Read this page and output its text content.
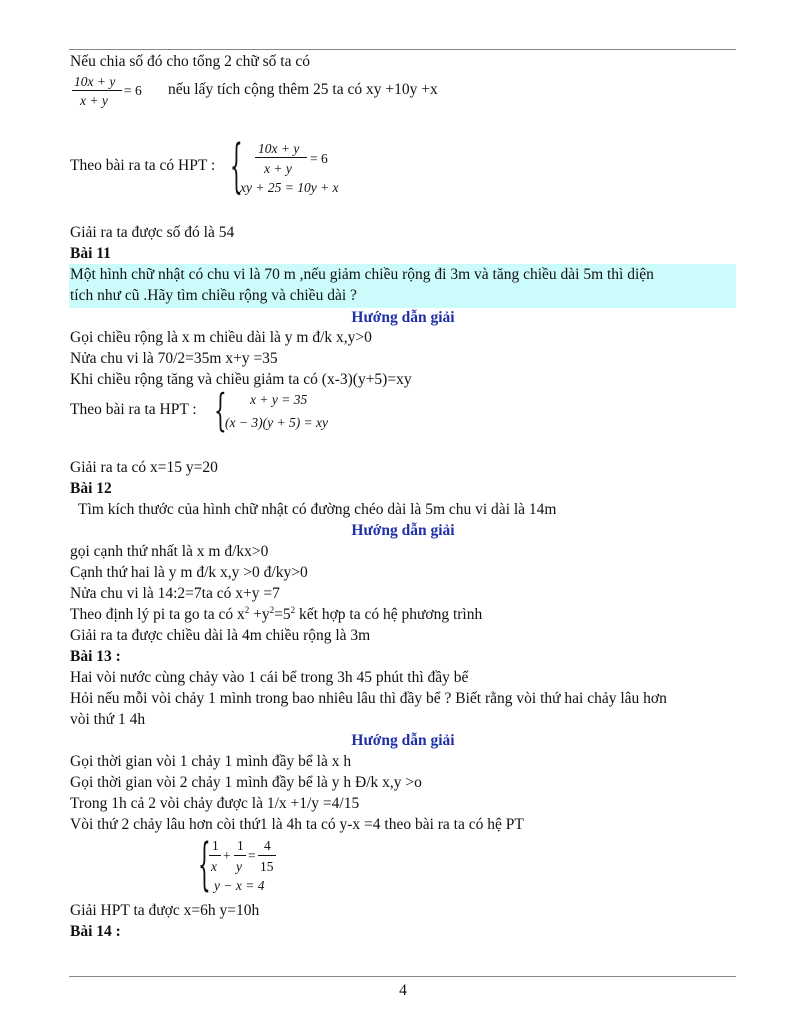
Nếu chia số đó cho tổng 2 chữ số ta có
10x + y
x + y
= 6 nếu lấy tích cộng thêm 25 ta có xy +10y +x
Theo bài ra ta có HPT : { 10x + y
x + y
= 6
xy + 25 = 10y + x
Giải ra ta được số đó là 54
Bài 11
Một hình chữ nhật có chu vi là 70 m ,nếu giảm chiều rộng đi 3m và tăng chiều dài 5m thì diện
tích như cũ .Hãy tìm chiều rộng và chiều dài ?
Hướng dẫn giải
Gọi chiều rộng là x m chiều dài là y m đ/k x,y>0
Nửa chu vi là 70/2=35m x+y =35
Khi chiều rộng tăng và chiều giảm ta có (x-3)(y+5)=xy
Theo bài ra ta HPT : { x + y = 35
(x − 3)(y + 5) = xy
Giải ra ta có x=15 y=20
Bài 12
Tìm kích thước của hình chữ nhật có đường chéo dài là 5m chu vi dài là 14m
Hướng dẫn giải
gọi cạnh thứ nhất là x m đ/kx>0
Cạnh thứ hai là y m đ/k x,y >0 đ/ky>0
Nửa chu vi là 14:2=7ta có x+y =7
Theo định lý pi ta go ta có $x^2 +y^2=5^2$ kết hợp ta có hệ phương trình
Giải ra ta được chiều dài là 4m chiều rộng là 3m
Bài 13 :
Hai vòi nước cùng chảy vào 1 cái bể trong 3h 45 phút thì đầy bể
Hỏi nếu mỗi vòi chảy 1 mình trong bao nhiêu lâu thì đầy bể ? Biết rằng vòi thứ hai chảy lâu hơn
vòi thứ 1 4h
Hướng dẫn giải
Gọi thời gian vòi 1 chảy 1 mình đầy bể là x h
Gọi thời gian vòi 2 chảy 1 mình đầy bể là y h Đ/k x,y >o
Trong 1h cả 2 vòi chảy được là 1/x +1/y =4/15
Vòi thứ 2 chảy lâu hơn còi thứ1 là 4h ta có y-x =4 theo bài ra ta có hệ PT
{ 1
x
+
1
y
=
4
15
y − x = 4
Giải HPT ta được x=6h y=10h
Bài 14 :
4
